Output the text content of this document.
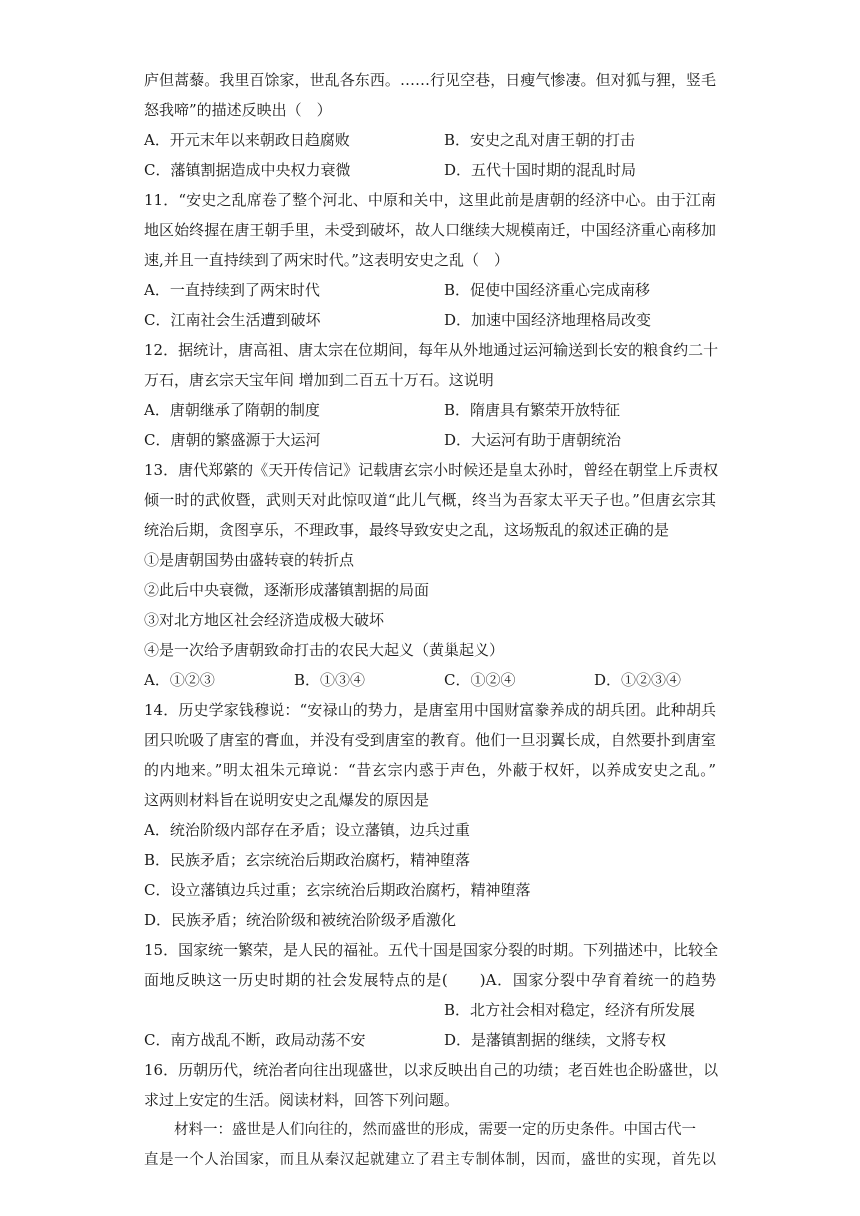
庐但蒿藜。我里百馀家，世乱各东西。……行见空巷，日瘦气惨凄。但对狐与狸，竖毛
怒我啼”的描述反映出（　）
A．开元末年以来朝政日趋腐败	B．安史之乱对唐王朝的打击
C．藩镇割据造成中央权力衰微	D．五代十国时期的混乱时局
11．“安史之乱席卷了整个河北、中原和关中，这里此前是唐朝的经济中心。由于江南
地区始终握在唐王朝手里，未受到破坏，故人口继续大规模南迁，中国经济重心南移加
速,并且一直持续到了两宋时代。”这表明安史之乱（　）
A．一直持续到了两宋时代	B．促使中国经济重心完成南移
C．江南社会生活遭到破坏	D．加速中国经济地理格局改变
12．据统计，唐高祖、唐太宗在位期间，每年从外地通过运河输送到长安的粮食约二十
万石，唐玄宗天宝年间 增加到二百五十万石。这说明
A．唐朝继承了隋朝的制度	B．隋唐具有繁荣开放特征
C．唐朝的繁盛源于大运河	D．大运河有助于唐朝统治
13．唐代郑綮的《天开传信记》记载唐玄宗小时候还是皇太孙时，曾经在朝堂上斥责权
倾一时的武攸暨，武则天对此惊叹道“此儿气概，终当为吾家太平天子也。”但唐玄宗其
统治后期，贪图享乐，不理政事，最终导致安史之乱，这场叛乱的叙述正确的是
①是唐朝国势由盛转衰的转折点
②此后中央衰微，逐渐形成藩镇割据的局面
③对北方地区社会经济造成极大破坏
④是一次给予唐朝致命打击的农民大起义（黄巢起义）
A．①②③	B．①③④	C．①②④	D．①②③④
14．历史学家钱穆说：“安禄山的势力，是唐室用中国财富豢养成的胡兵团。此种胡兵
团只吮吸了唐室的膏血，并没有受到唐室的教育。他们一旦羽翼长成，自然要扑到唐室
的内地来。”明太祖朱元璋说：“昔玄宗内惑于声色，外蔽于权奸，以养成安史之乱。”
这两则材料旨在说明安史之乱爆发的原因是
A．统治阶级内部存在矛盾；设立藩镇，边兵过重
B．民族矛盾；玄宗统治后期政治腐朽，精神堕落
C．设立藩镇边兵过重；玄宗统治后期政治腐朽，精神堕落
D．民族矛盾；统治阶级和被统治阶级矛盾激化
15．国家统一繁荣，是人民的福祉。五代十国是国家分裂的时期。下列描述中，比较全
面地反映这一历史时期的社会发展特点的是(　　)A．国家分裂中孕育着统一的趋势
B．北方社会相对稳定，经济有所发展
C．南方战乱不断，政局动荡不安	D．是藩镇割据的继续，文將专权
16．历朝历代，统治者向往出现盛世，以求反映出自己的功绩；老百姓也企盼盛世，以
求过上安定的生活。阅读材料，回答下列问题。
材料一：盛世是人们向往的，然而盛世的形成，需要一定的历史条件。中国古代一
直是一个人治国家，而且从秦汉起就建立了君主专制体制，因而，盛世的实现，首先以
